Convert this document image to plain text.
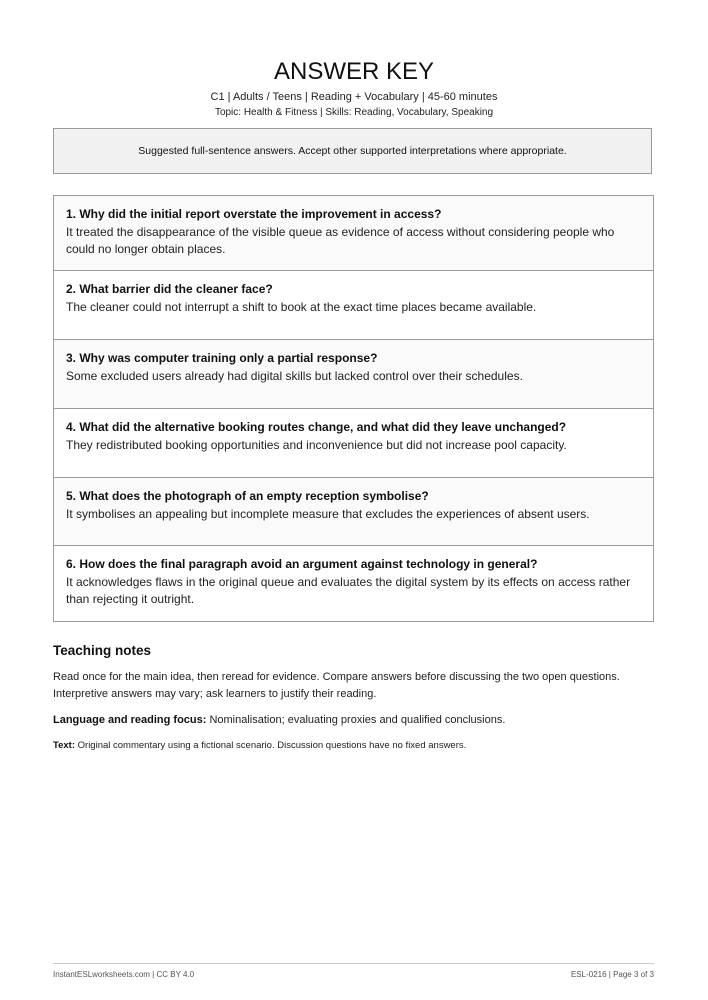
ANSWER KEY
C1 | Adults / Teens | Reading + Vocabulary | 45-60 minutes
Topic: Health & Fitness | Skills: Reading, Vocabulary, Speaking
Suggested full-sentence answers. Accept other supported interpretations where appropriate.
1. Why did the initial report overstate the improvement in access?
It treated the disappearance of the visible queue as evidence of access without considering people who could no longer obtain places.
2. What barrier did the cleaner face?
The cleaner could not interrupt a shift to book at the exact time places became available.
3. Why was computer training only a partial response?
Some excluded users already had digital skills but lacked control over their schedules.
4. What did the alternative booking routes change, and what did they leave unchanged?
They redistributed booking opportunities and inconvenience but did not increase pool capacity.
5. What does the photograph of an empty reception symbolise?
It symbolises an appealing but incomplete measure that excludes the experiences of absent users.
6. How does the final paragraph avoid an argument against technology in general?
It acknowledges flaws in the original queue and evaluates the digital system by its effects on access rather than rejecting it outright.
Teaching notes
Read once for the main idea, then reread for evidence. Compare answers before discussing the two open questions. Interpretive answers may vary; ask learners to justify their reading.
Language and reading focus: Nominalisation; evaluating proxies and qualified conclusions.
Text: Original commentary using a fictional scenario. Discussion questions have no fixed answers.
InstantESLworksheets.com | CC BY 4.0	ESL-0216 | Page 3 of 3
